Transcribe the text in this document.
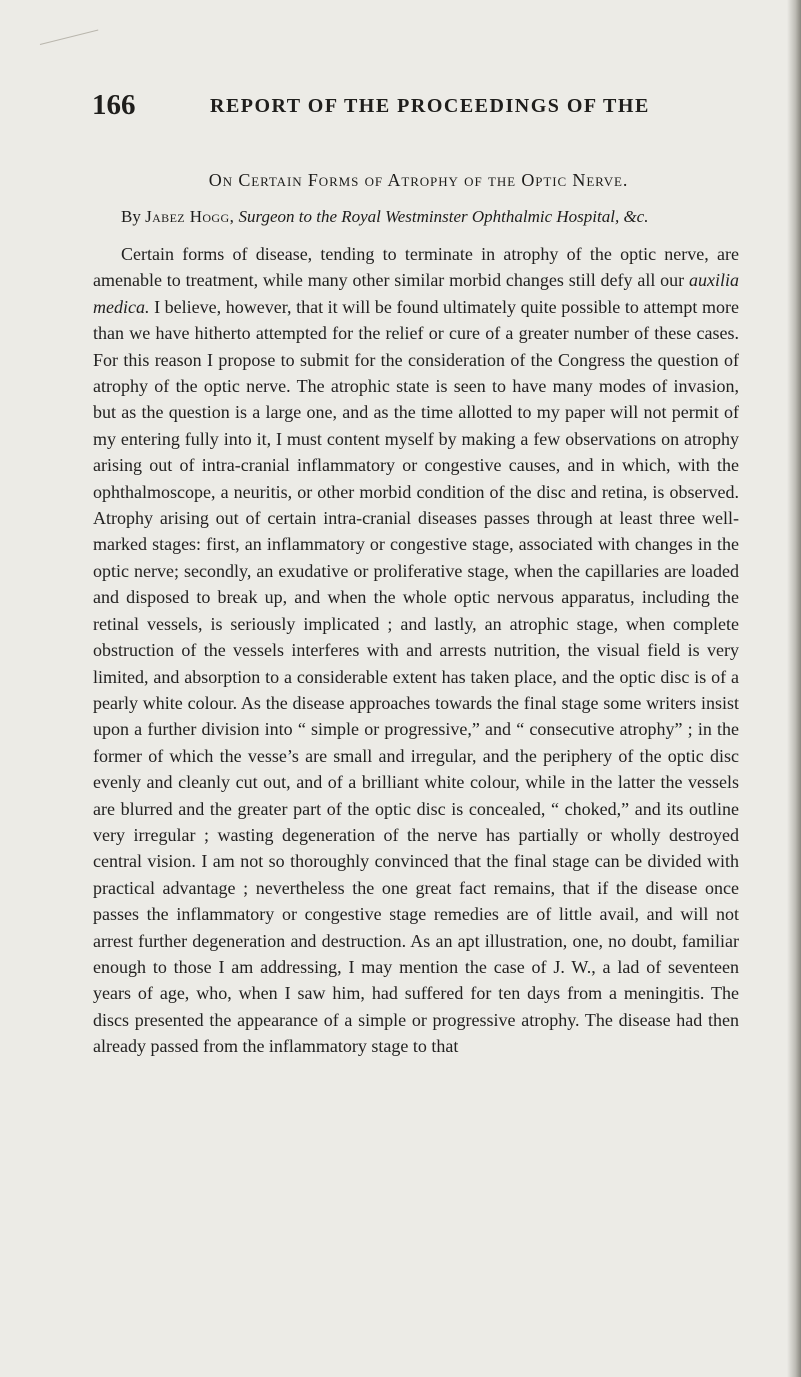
166	REPORT OF THE PROCEEDINGS OF THE
On Certain Forms of Atrophy of the Optic Nerve.
By Jabez Hogg, Surgeon to the Royal Westminster Ophthalmic Hospital, &c.
Certain forms of disease, tending to terminate in atrophy of the optic nerve, are amenable to treatment, while many other similar morbid changes still defy all our auxilia medica. I believe, however, that it will be found ultimately quite possible to attempt more than we have hitherto attempted for the relief or cure of a greater number of these cases. For this reason I propose to submit for the consideration of the Congress the question of atrophy of the optic nerve. The atrophic state is seen to have many modes of invasion, but as the question is a large one, and as the time allotted to my paper will not permit of my entering fully into it, I must content myself by making a few observations on atrophy arising out of intra-cranial inflammatory or congestive causes, and in which, with the ophthalmoscope, a neuritis, or other morbid condition of the disc and retina, is observed. Atrophy arising out of certain intra-cranial diseases passes through at least three well-marked stages: first, an inflammatory or congestive stage, associated with changes in the optic nerve; secondly, an exudative or proliferative stage, when the capillaries are loaded and disposed to break up, and when the whole optic nervous apparatus, including the retinal vessels, is seriously implicated ; and lastly, an atrophic stage, when complete obstruction of the vessels interferes with and arrests nutrition, the visual field is very limited, and absorption to a considerable extent has taken place, and the optic disc is of a pearly white colour. As the disease approaches towards the final stage some writers insist upon a further division into “ simple or progressive,” and “ consecutive atrophy” ; in the former of which the vesse’s are small and irregular, and the periphery of the optic disc evenly and cleanly cut out, and of a brilliant white colour, while in the latter the vessels are blurred and the greater part of the optic disc is concealed, “ choked,” and its outline very irregular ; wasting degeneration of the nerve has partially or wholly destroyed central vision. I am not so thoroughly convinced that the final stage can be divided with practical advantage ; nevertheless the one great fact remains, that if the disease once passes the inflammatory or congestive stage remedies are of little avail, and will not arrest further degeneration and destruction. As an apt illustration, one, no doubt, familiar enough to those I am addressing, I may mention the case of J. W., a lad of seventeen years of age, who, when I saw him, had suffered for ten days from a meningitis. The discs presented the appearance of a simple or progressive atrophy. The disease had then already passed from the inflammatory stage to that
